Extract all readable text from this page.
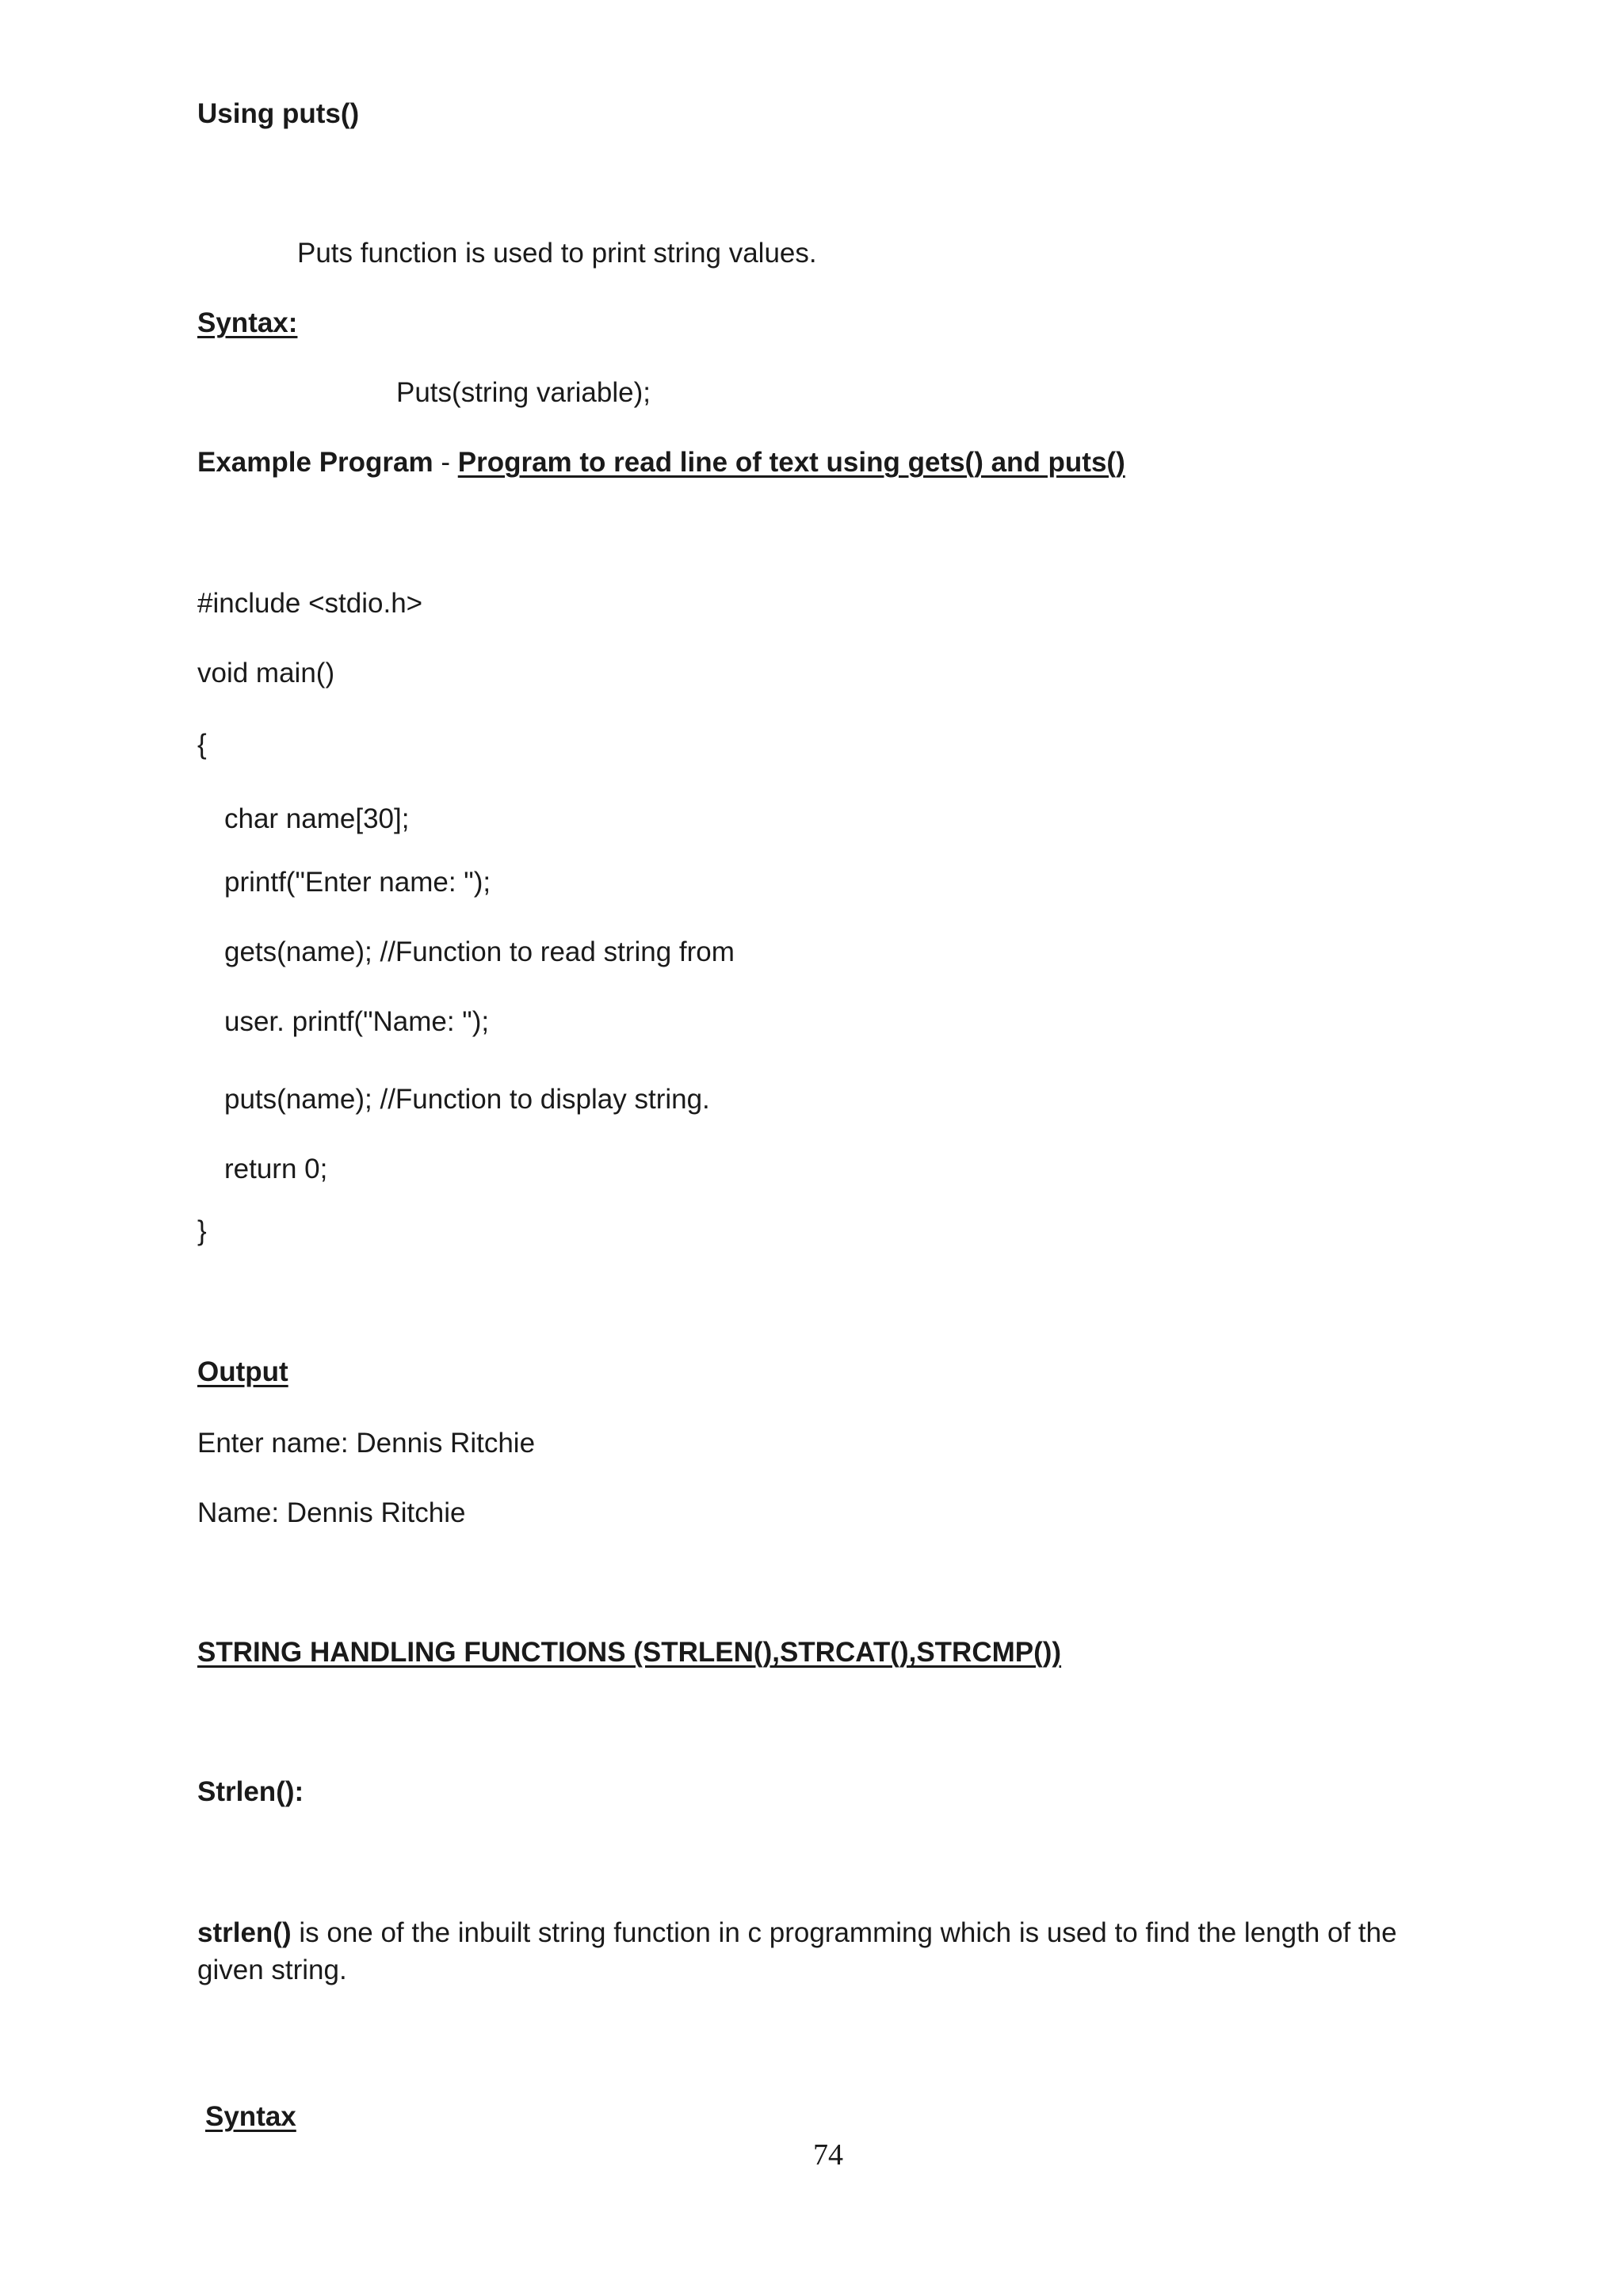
Using puts()
Puts function is used to print string values.
Syntax:
Puts(string variable);
Example Program - Program to read line of text using gets() and puts()
#include <stdio.h>
void main()
{
char name[30];
printf("Enter name: ");
gets(name); //Function to read string from
user. printf("Name: ");
puts(name); //Function to display string.
return 0;
}
Output
Enter name: Dennis Ritchie
Name: Dennis Ritchie
STRING HANDLING FUNCTIONS (STRLEN(),STRCAT(),STRCMP())
Strlen():
strlen() is one of the inbuilt string function in c programming which is used to find the length of the given string.
Syntax
74
